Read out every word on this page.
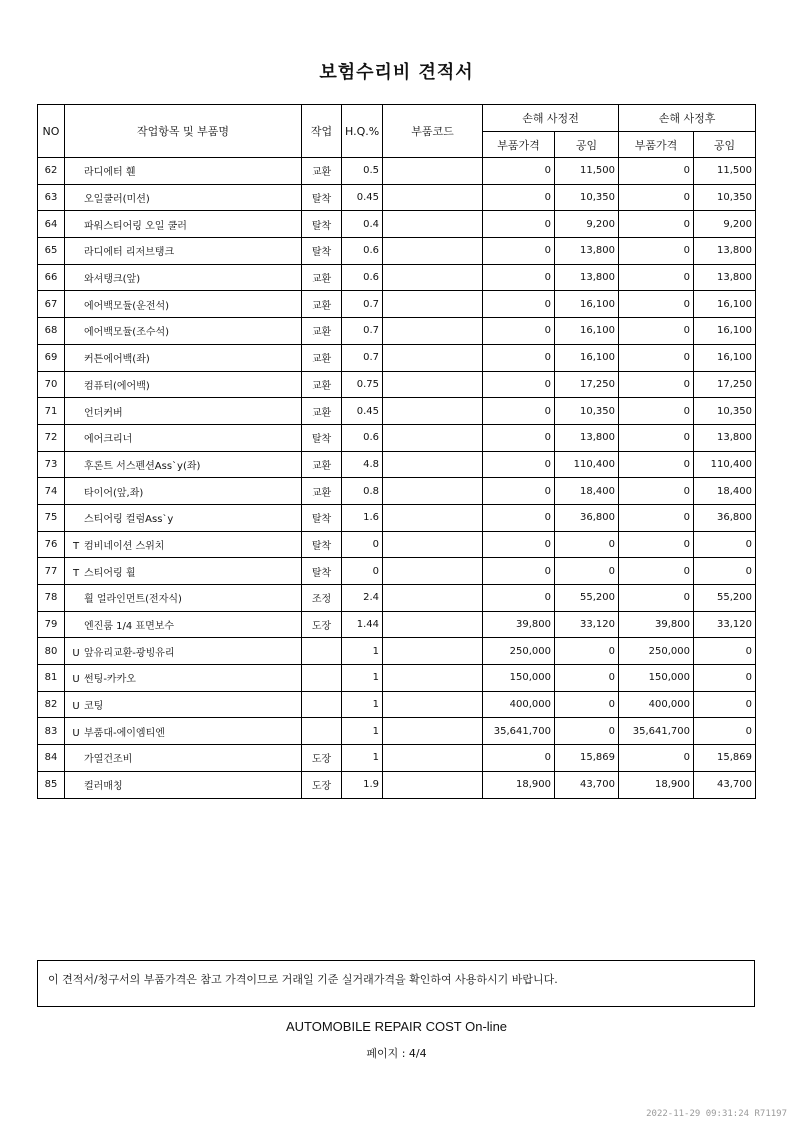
보험수리비 견적서
NO	작업항목 및 부품명	작업	H.Q.%	부품코드	손해 사정전		손해 사정후	
					부품가격	공임	부품가격	공임
62	라디에터 휀	교환	0.5		0	11,500	0	11,500
63	오일쿨러(미션)	탈착	0.45		0	10,350	0	10,350
64	파워스티어링 오일 쿨러	탈착	0.4		0	9,200	0	9,200
65	라디에터 리저브탱크	탈착	0.6		0	13,800	0	13,800
66	와셔탱크(앞)	교환	0.6		0	13,800	0	13,800
67	에어백모듈(운전석)	교환	0.7		0	16,100	0	16,100
68	에어백모듈(조수석)	교환	0.7		0	16,100	0	16,100
69	커튼에어백(좌)	교환	0.7		0	16,100	0	16,100
70	컴퓨터(에어백)	교환	0.75		0	17,250	0	17,250
71	언더커버	교환	0.45		0	10,350	0	10,350
72	에어크리너	탈착	0.6		0	13,800	0	13,800
73	후론트 서스펜션Ass`y(좌)	교환	4.8		0	110,400	0	110,400
74	타이어(앞,좌)	교환	0.8		0	18,400	0	18,400
75	스티어링 컬럼Ass`y	탈착	1.6		0	36,800	0	36,800
76	T 컴비네이션 스위치	탈착	0		0	0	0	0
77	T 스티어링 휠	탈착	0		0	0	0	0
78	휠 얼라인먼트(전자식)	조정	2.4		0	55,200	0	55,200
79	엔진룸 1/4 표면보수	도장	1.44		39,800	33,120	39,800	33,120
80	U 앞유리교환-광빙유리		1		250,000	0	250,000	0
81	U 썬팅-카카오		1		150,000	0	150,000	0
82	U 코팅		1		400,000	0	400,000	0
83	U 부품대-에이엠티엔		1		35,641,700	0	35,641,700	0
84	가열건조비	도장	1		0	15,869	0	15,869
85	컬러매칭	도장	1.9		18,900	43,700	18,900	43,700
이 견적서/청구서의 부품가격은 참고 가격이므로 거래일 기준 실거래가격을 확인하여 사용하시기 바랍니다.
AUTOMOBILE REPAIR COST On-line
페이지 : 4/4
2022-11-29 09:31:24 R71197
